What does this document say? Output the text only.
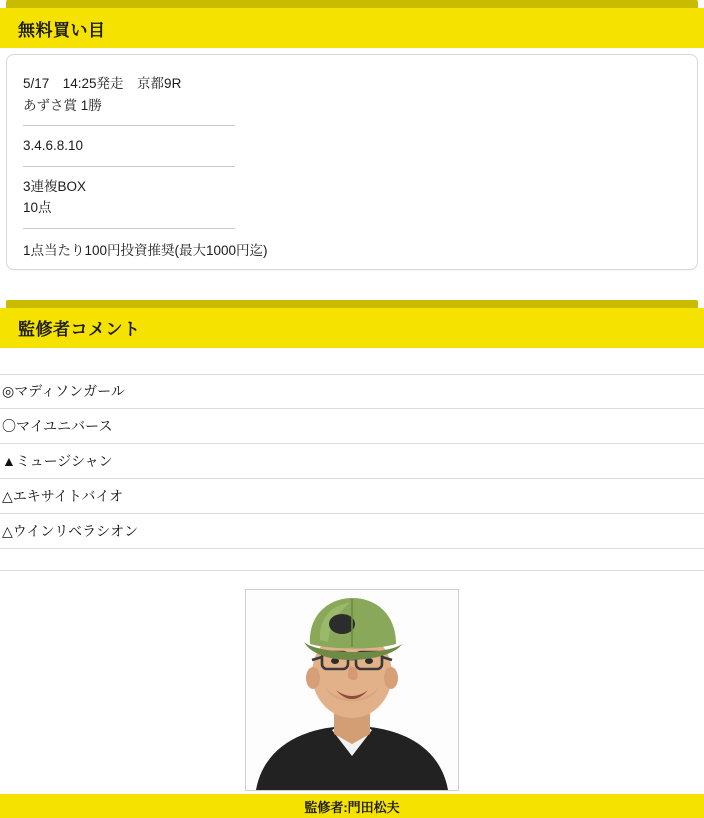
無料買い目
5/17　14:25発走　京都9R
あずさ賞 1勝
3.4.6.8.10
3連複BOX
10点
1点当たり100円投資推奨(最大1000円迄)
監修者コメント
◎マディソンガール
〇マイユニバース
▲ミュージシャン
△エキサイトバイオ
△ウインリベラシオン
監修者:門田松夫
